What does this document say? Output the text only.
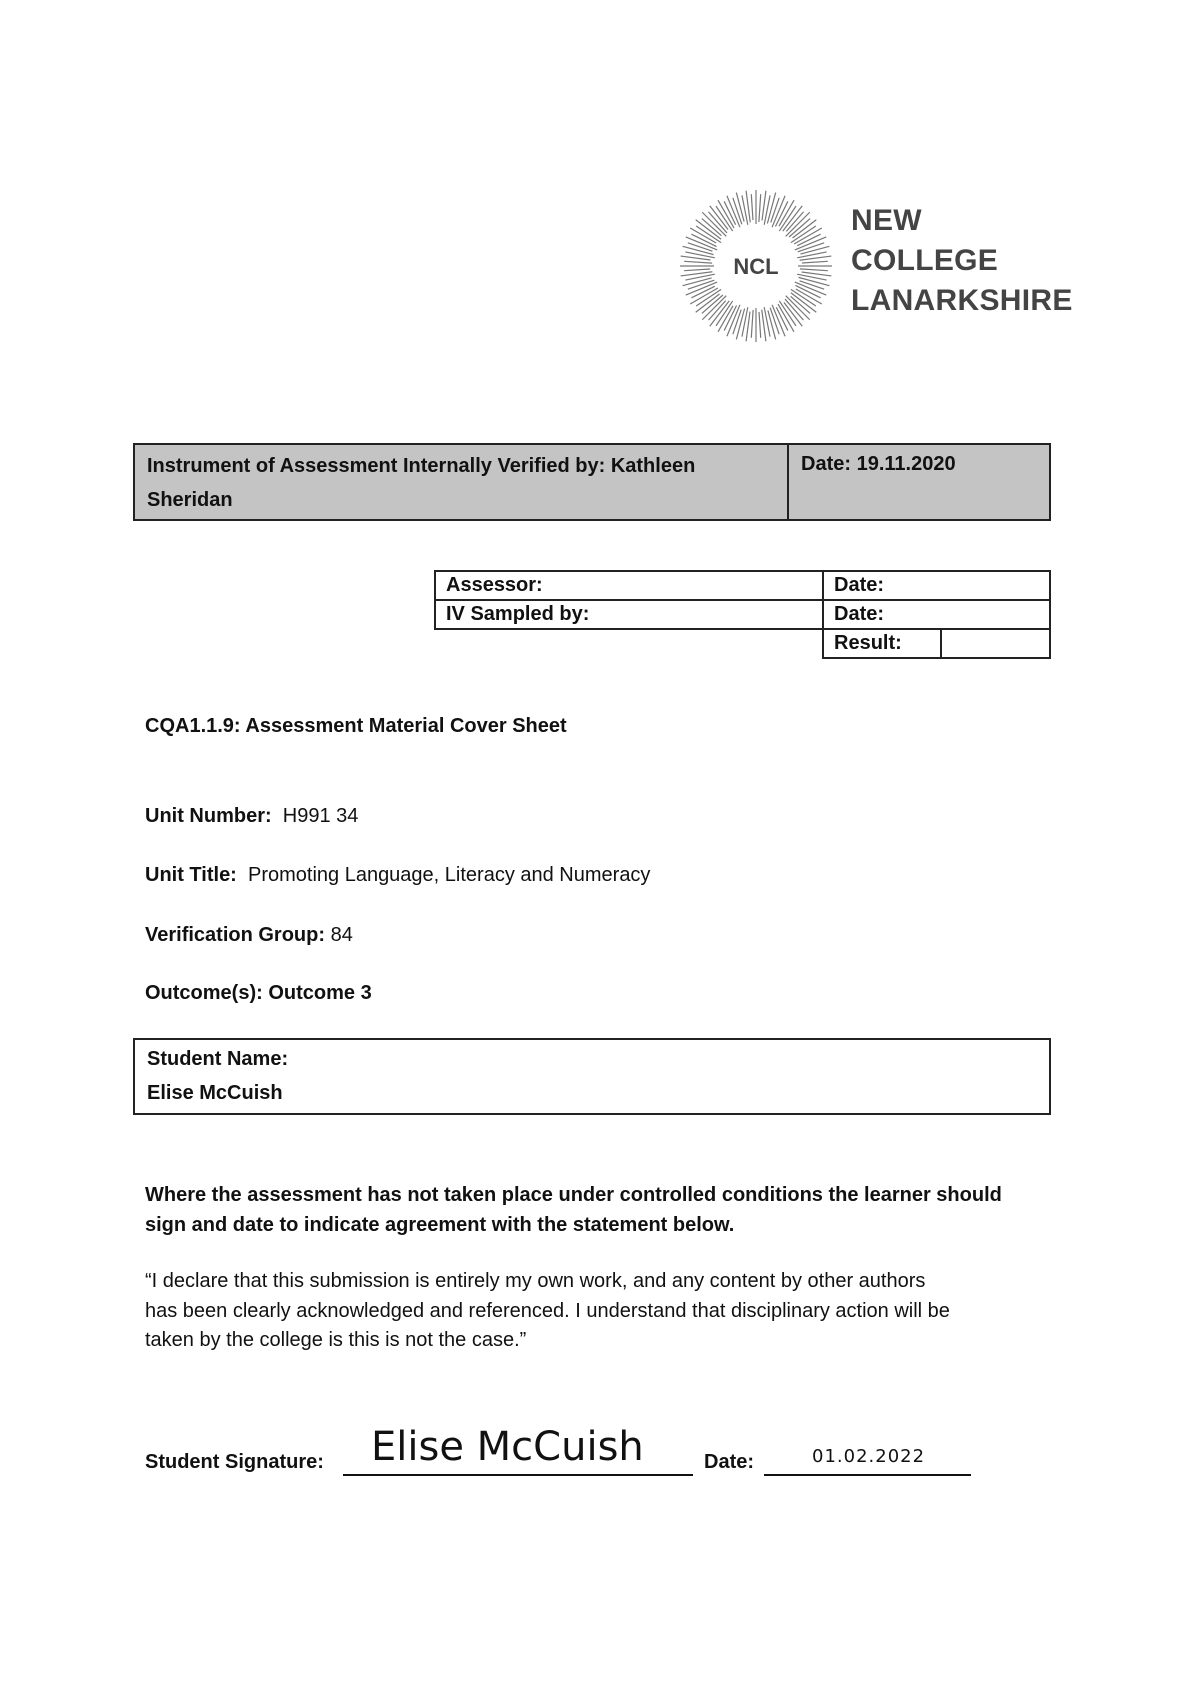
NCL
NEW
COLLEGE
LANARKSHIRE
Instrument of Assessment Internally Verified by: Kathleen
Sheridan
Date: 19.11.2020
Assessor:	Date:	
IV Sampled by:	Date:	
	Result:	
CQA1.1.9: Assessment Material Cover Sheet
Unit Number: H991 34
Unit Title: Promoting Language, Literacy and Numeracy
Verification Group: 84
Outcome(s): Outcome 3
Student Name:
Elise McCuish
Where the assessment has not taken place under controlled conditions the learner should
sign and date to indicate agreement with the statement below.
“I declare that this submission is entirely my own work, and any content by other authors
has been clearly acknowledged and referenced. I understand that disciplinary action will be
taken by the college is this is not the case.”
Student Signature: Elise McCuish	Date:	01.02.2022
